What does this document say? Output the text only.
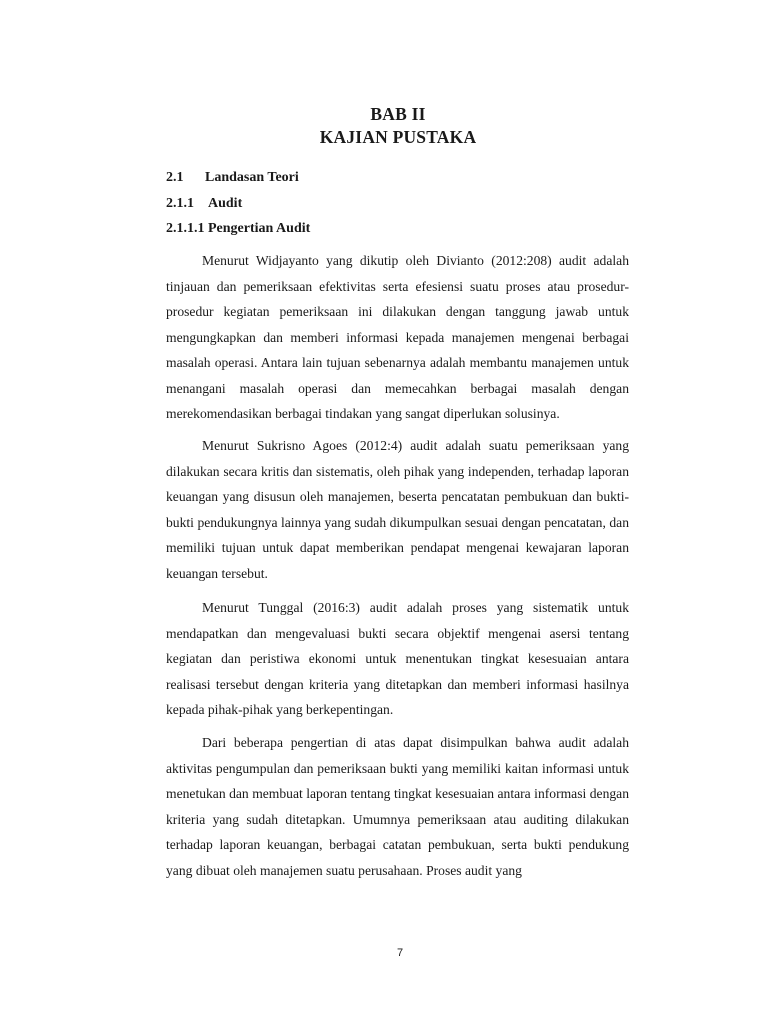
BAB II
KAJIAN PUSTAKA
2.1 Landasan Teori
2.1.1 Audit
2.1.1.1 Pengertian Audit

Menurut Widjayanto yang dikutip oleh Divianto (2012:208) audit adalah tinjauan dan pemeriksaan efektivitas serta efesiensi suatu proses atau prosedur-prosedur kegiatan pemeriksaan ini dilakukan dengan tanggung jawab untuk mengungkapkan dan memberi informasi kepada manajemen mengenai berbagai masalah operasi. Antara lain tujuan sebenarnya adalah membantu manajemen untuk menangani masalah operasi dan memecahkan berbagai masalah dengan merekomendasikan berbagai tindakan yang sangat diperlukan solusinya.

Menurut Sukrisno Agoes (2012:4) audit adalah suatu pemeriksaan yang dilakukan secara kritis dan sistematis, oleh pihak yang independen, terhadap laporan keuangan yang disusun oleh manajemen, beserta pencatatan pembukuan dan bukti-bukti pendukungnya lainnya yang sudah dikumpulkan sesuai dengan pencatatan, dan memiliki tujuan untuk dapat memberikan pendapat mengenai kewajaran laporan keuangan tersebut.

Menurut Tunggal (2016:3) audit adalah proses yang sistematik untuk mendapatkan dan mengevaluasi bukti secara objektif mengenai asersi tentang kegiatan dan peristiwa ekonomi untuk menentukan tingkat kesesuaian antara realisasi tersebut dengan kriteria yang ditetapkan dan memberi informasi hasilnya kepada pihak-pihak yang berkepentingan.

Dari beberapa pengertian di atas dapat disimpulkan bahwa audit adalah aktivitas pengumpulan dan pemeriksaan bukti yang memiliki kaitan informasi untuk menetukan dan membuat laporan tentang tingkat kesesuaian antara informasi dengan kriteria yang sudah ditetapkan. Umumnya pemeriksaan atau auditing dilakukan terhadap laporan keuangan, berbagai catatan pembukuan, serta bukti pendukung yang dibuat oleh manajemen suatu perusahaan. Proses audit yang

7
